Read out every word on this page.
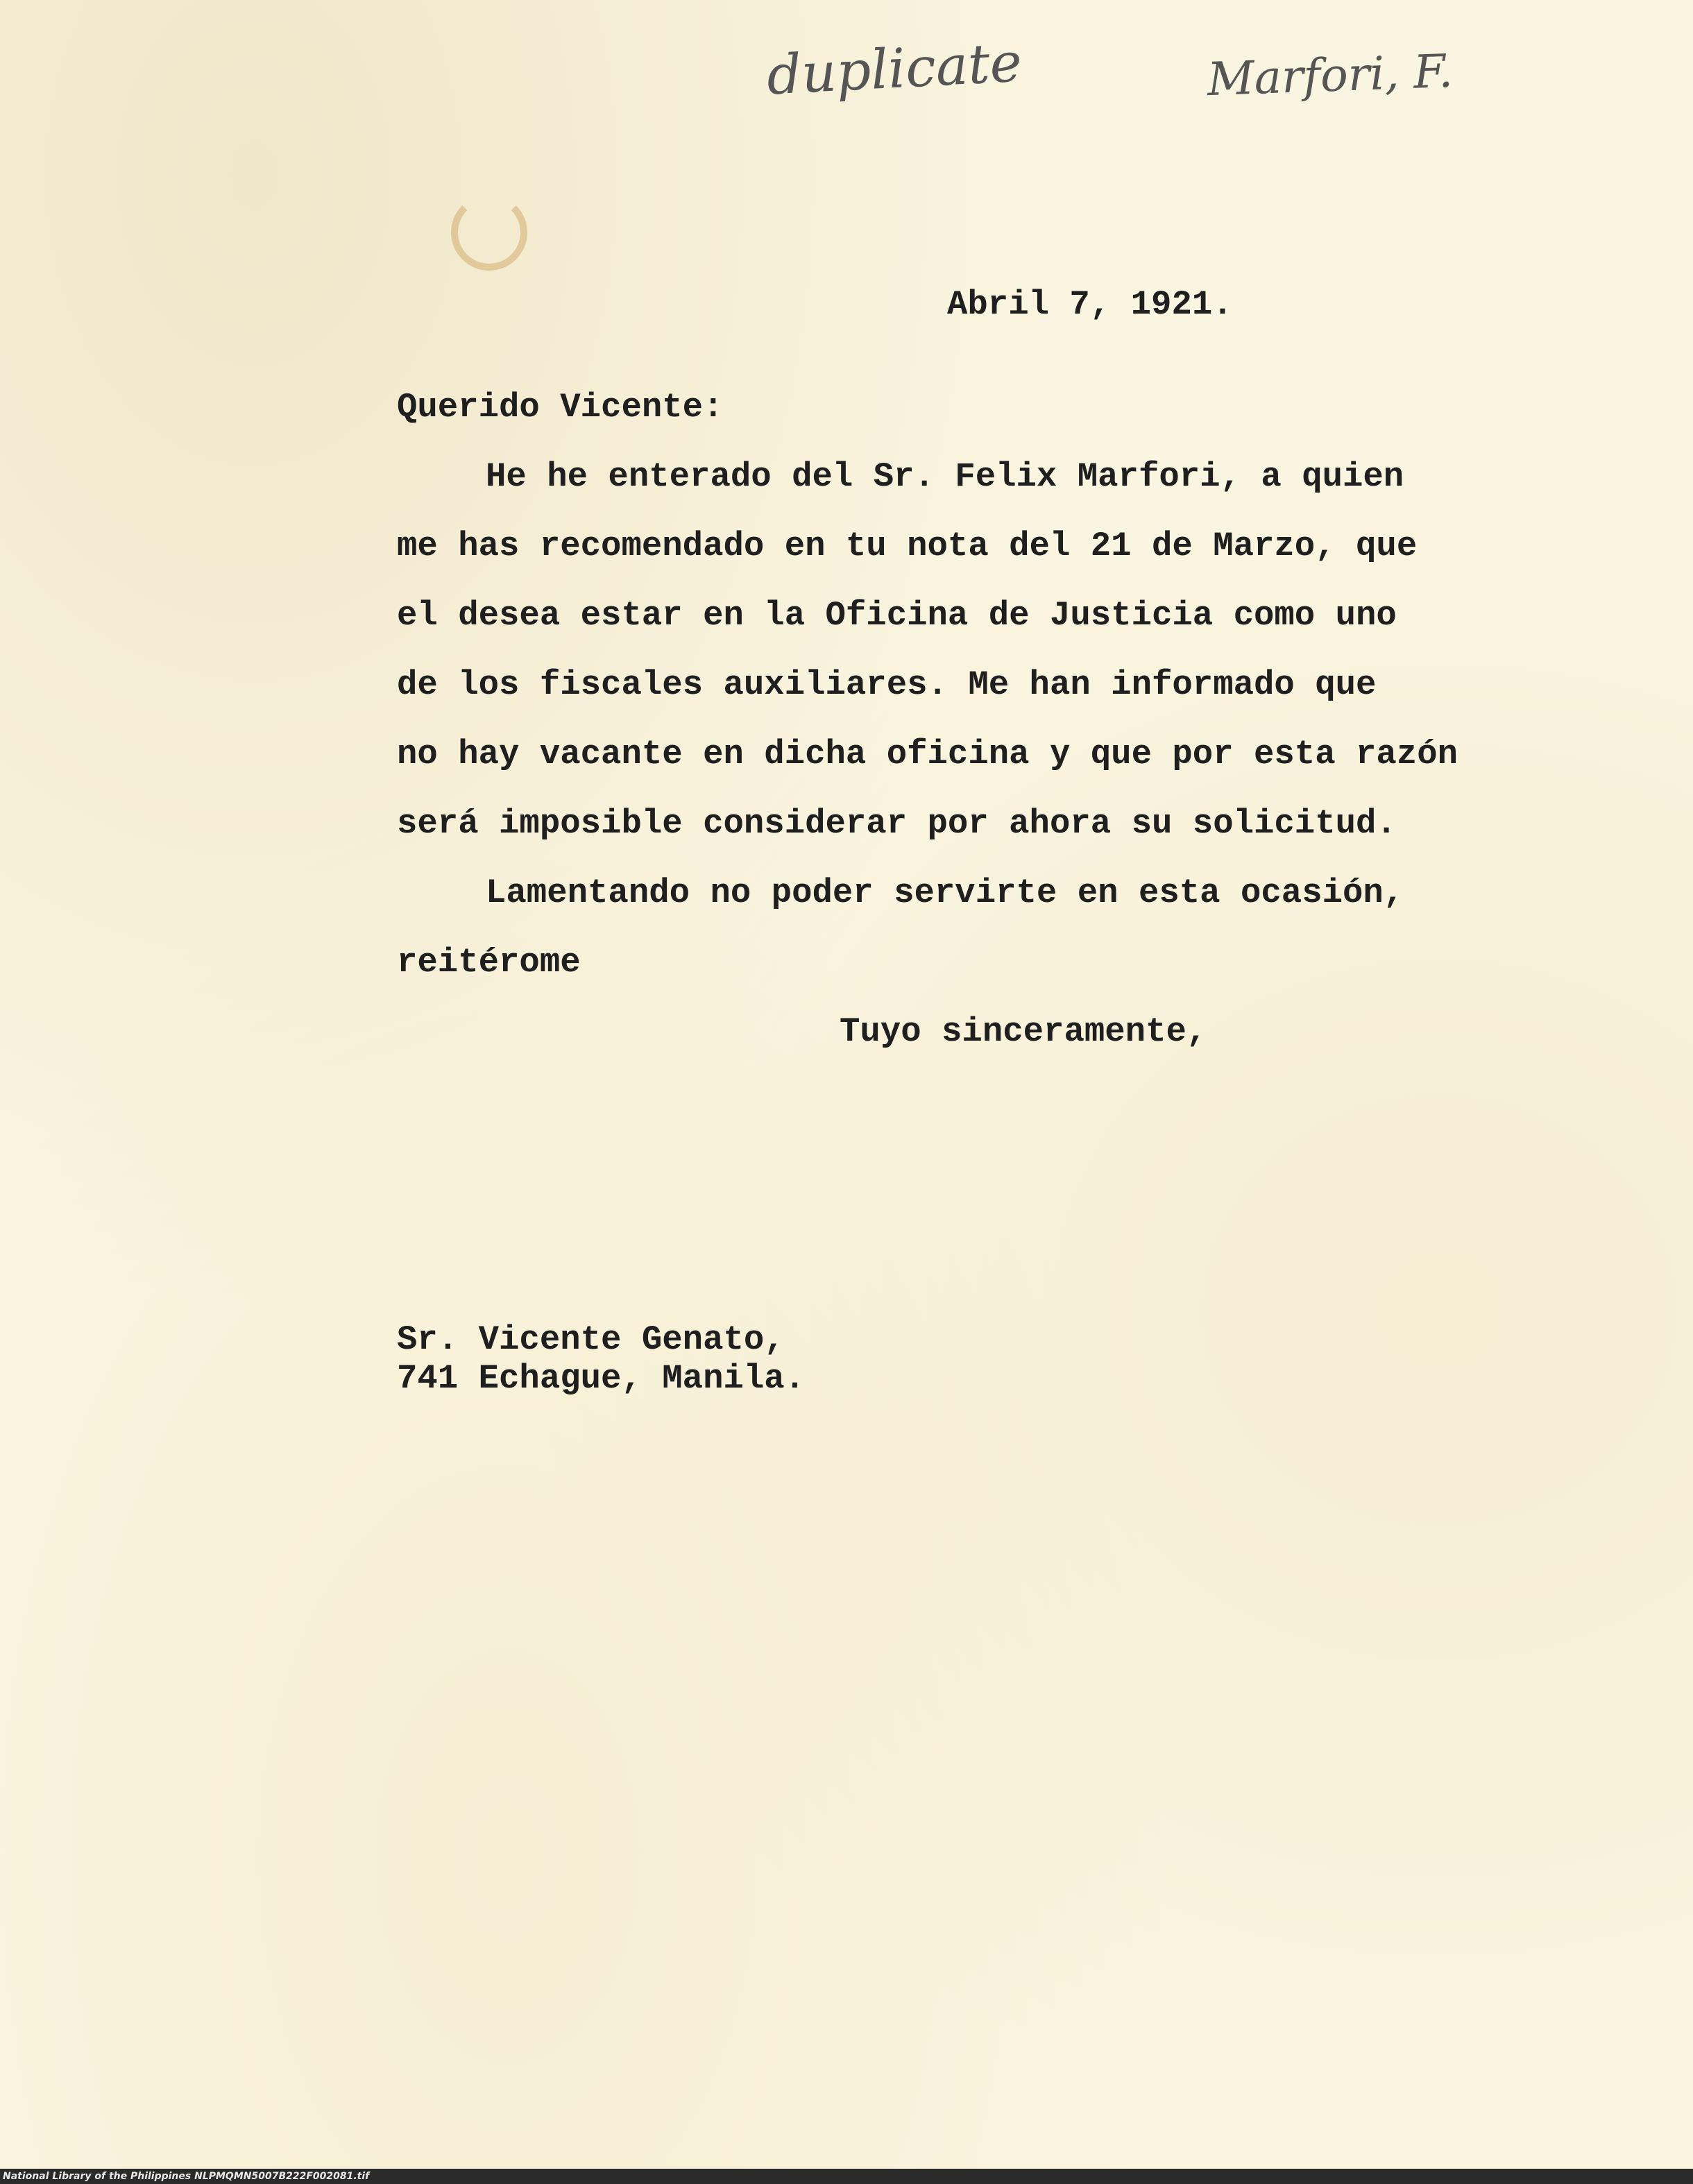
duplicate	Marfori, F.
Abril 7, 1921.
Querido Vicente:
He he enterado del Sr. Felix Marfori, a quien
me has recomendado en tu nota del 21 de Marzo, que
el desea estar en la Oficina de Justicia como uno
de los fiscales auxiliares. Me han informado que
no hay vacante en dicha oficina y que por esta razón
será imposible considerar por ahora su solicitud.
Lamentando no poder servirte en esta ocasión,
reitérome
Tuyo sinceramente,
Sr. Vicente Genato,
741 Echague, Manila.
National Library of the Philippines NLPMQMN5007B222F002081.tif
